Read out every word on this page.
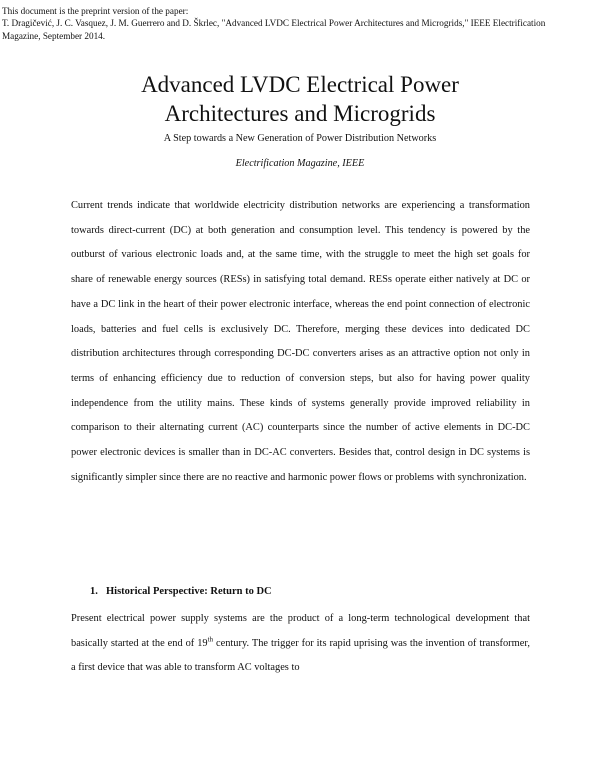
This document is the preprint version of the paper:
T. Dragičević, J. C. Vasquez, J. M. Guerrero and D. Škrlec, "Advanced LVDC Electrical Power Architectures and Microgrids," IEEE Electrification
Magazine, September 2014.
Advanced LVDC Electrical Power
Architectures and Microgrids
A Step towards a New Generation of Power Distribution Networks
Electrification Magazine, IEEE

Current trends indicate that worldwide electricity distribution networks are experiencing a transformation towards direct-current (DC) at both generation and consumption level. This tendency is powered by the outburst of various electronic loads and, at the same time, with the struggle to meet the high set goals for share of renewable energy sources (RESs) in satisfying total demand. RESs operate either natively at DC or have a DC link in the heart of their power electronic interface, whereas the end point connection of electronic loads, batteries and fuel cells is exclusively DC. Therefore, merging these devices into dedicated DC distribution architectures through corresponding DC-DC converters arises as an attractive option not only in terms of enhancing efficiency due to reduction of conversion steps, but also for having power quality independence from the utility mains. These kinds of systems generally provide improved reliability in comparison to their alternating current (AC) counterparts since the number of active elements in DC-DC power electronic devices is smaller than in DC-AC converters. Besides that, control design in DC systems is significantly simpler since there are no reactive and harmonic power flows or problems with synchronization.

1. Historical Perspective: Return to DC

Present electrical power supply systems are the product of a long-term technological development that basically started at the end of 19th century. The trigger for its rapid uprising was the invention of transformer, a first device that was able to transform AC voltages to
